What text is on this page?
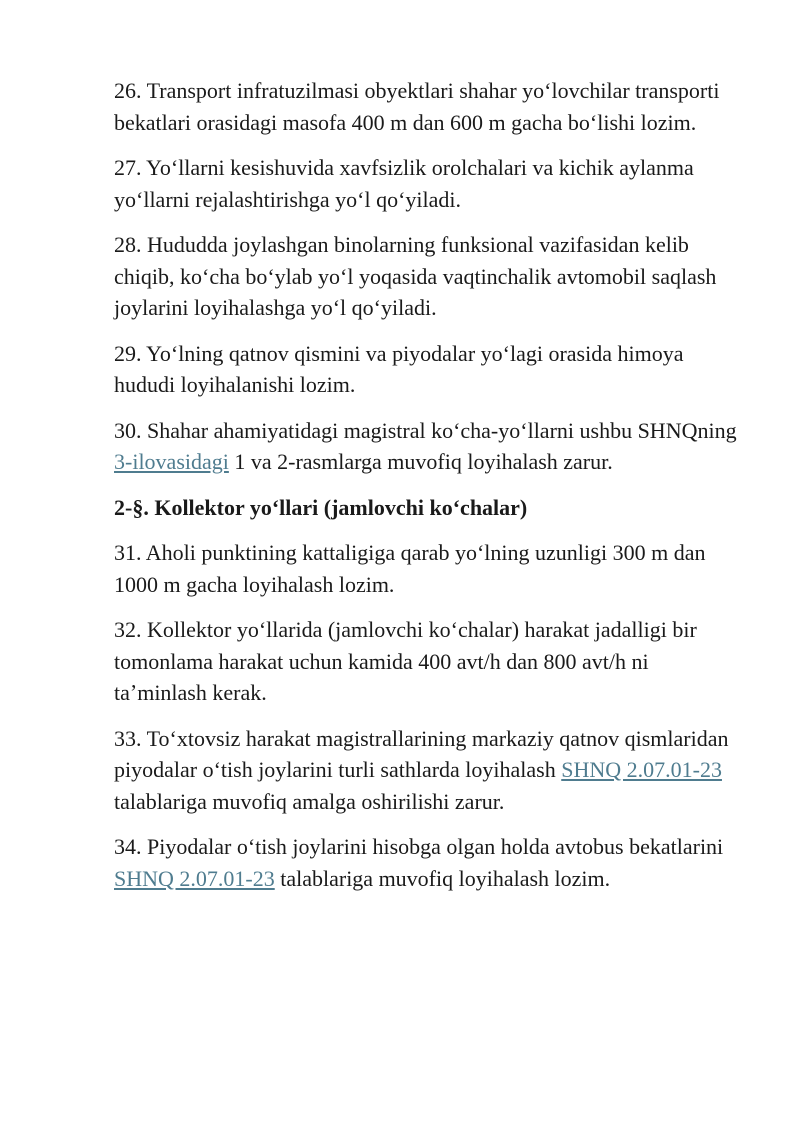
26. Transport infratuzilmasi obyektlari shahar yoʻlovchilar transporti bekatlari orasidagi masofa 400 m dan 600 m gacha boʻlishi lozim.

27. Yoʻllarni kesishuvida xavfsizlik orolchalari va kichik aylanma yoʻllarni rejalashtirishga yoʻl qoʻyiladi.

28. Hududda joylashgan binolarning funksional vazifasidan kelib chiqib, koʻcha boʻylab yoʻl yoqasida vaqtinchalik avtomobil saqlash joylarini loyihalashga yoʻl qoʻyiladi.

29. Yoʻlning qatnov qismini va piyodalar yoʻlagi orasida himoya hududi loyihalanishi lozim.

30. Shahar ahamiyatidagi magistral koʻcha-yoʻllarni ushbu SHNQning 3-ilovasidagi 1 va 2-rasmlarga muvofiq loyihalash zarur.

2-§. Kollektor yoʻllari (jamlovchi koʻchalar)

31. Aholi punktining kattaligiga qarab yoʻlning uzunligi 300 m dan 1000 m gacha loyihalash lozim.

32. Kollektor yoʻllarida (jamlovchi koʻchalar) harakat jadalligi bir tomonlama harakat uchun kamida 400 avt/h dan 800 avt/h ni taʼminlash kerak.

33. Toʻxtovsiz harakat magistrallarining markaziy qatnov qismlaridan piyodalar oʻtish joylarini turli sathlarda loyihalash SHNQ 2.07.01-23 talablariga muvofiq amalga oshirilishi zarur.

34. Piyodalar oʻtish joylarini hisobga olgan holda avtobus bekatlarini SHNQ 2.07.01-23 talablariga muvofiq loyihalash lozim.
